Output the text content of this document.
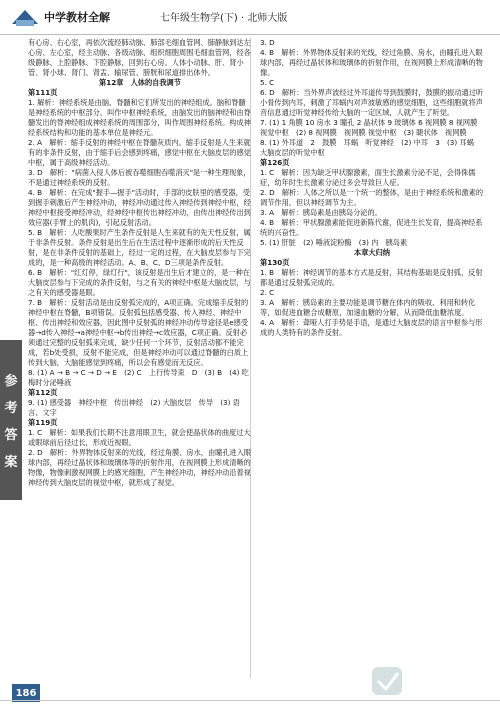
中学教材全解	七年级生物学(下) · 北师大版

有心房、右心室，再依次流经肺动脉、肺部毛细血管网、肺静脉到达左心房、左心室，经主动脉、各级动脉、组织细胞周围毛细血管网，经各级静脉、上腔静脉、下腔静脉，回到右心房。人体小动脉、肝、肾小管、肾小球、肾门、肾盂、输尿管、膀胱和尿道排出体外。

第12章　人体的自我调节

第111页

1. 解析：神经系统是由脑、脊髓和它们所发出的神经组成。脑和脊髓是神经系统的中枢部分，叫作中枢神经系统，由脑发出的脑神经和由脊髓发出的脊神经组成神经系统的周围部分，叫作周围神经系统。构成神经系统结构和功能的基本单位是神经元。

2. A　解析：缩手反射的神经中枢在脊髓灰质内。缩手反射是人生来就有的非条件反射，由于缩手后会感到疼痛，感觉中枢在大脑皮层的感觉中枢，属于高级神经活动。

3. D　解析："病菌入侵人体后被吞噬细胞吞噬消灭"是一种生理现象，不是通过神经系统的反射。

4. B　解析：在完成"握手—握手"活动时，手部的皮肤里的感受器，受到握手刺激后产生神经冲动，神经冲动通过传入神经传到神经中枢，经神经中枢接受神经冲动，经神经中枢传出神经冲动，由传出神经传出到效应器(手臂上的肌肉)，引起反射活动。

5. B　解析：人吃酸果时产生条件反射是人生来就有的先天性反射，属于非条件反射。条件反射是出生后在生活过程中逐渐形成的后天性反射，是在非条件反射的基础上，经过一定的过程，在大脑皮层参与下完成的，是一种高级的神经活动。A、B、C、D三项是条件反射。

6. B　解析："红灯停，绿灯行"，该反射是出生后才建立的，是一种在大脑皮层参与下完成的条件反射，与之有关的神经中枢是大脑皮层，与之有关的感受器是眼。

7. B　解析：反射活动是由反射弧完成的，A项正确。完成缩手反射的神经中枢在脊髓，B项错误。反射弧包括感受器、传入神经、神经中枢、传出神经和效应器，因此图中反射弧的神经冲动传导途径是e感受器→d传入神经→a神经中枢→b传出神经→c效应器，C项正确。反射必须通过完整的反射弧来完成，缺少任何一个环节，反射活动都不能完成，若b处受损，反射不能完成，但是神经冲动可以通过脊髓的白质上传到大脑，大脑能感觉到疼痛，所以会有感觉而无反应。

8. (1) A → B → C → D → E　(2) C　上行传导束　D　(3) B　(4) 吃梅时分泌唾液

第112页

9. (1) 感受器　神经中枢　传出神经　(2) 大脑皮层　传导　(3) 语言、文字

第119页

1. C　解析：如果我们长期不注意用眼卫生，就会使晶状体的曲度过大或眼球前后径过长，形成近视眼。

2. D　解析：外界物体反射来的光线，经过角膜、房水，由瞳孔进入眼球内部，再经过晶状体和玻璃体等的折射作用，在视网膜上形成清晰的物像，物像刺激视网膜上的感光细胞，产生神经冲动，神经冲动沿着视神经传到大脑皮层的视觉中枢，就形成了视觉。

3. D

4. B　解析：外界物体反射来的光线，经过角膜、房水，由瞳孔进入眼球内部，再经过晶状体和玻璃体的折射作用，在视网膜上形成清晰的物像。

5. C

6. D　解析：当外界声波经过外耳道传导到鼓膜时，鼓膜的振动通过听小骨传到内耳，刺激了耳蜗内对声波敏感的感觉细胞，这些细胞就将声音信息通过听觉神经传给大脑的一定区域，人就产生了听觉。

7. (1) 1 角膜 10 房水 3 瞳孔 2 晶状体 9 玻璃体 6 视网膜 8 视网膜 视觉中枢　(2) 8 视网膜　视网膜 视觉中枢　(3) 睫状体　视网膜

8. (1) 外耳道　2　鼓膜　耳蜗　听觉神经　(2) 中耳　3　(3) 耳蜗　大脑皮层的听觉中枢

第126页

1. C　解析：因为缺乏甲状腺激素，面生长激素分泌不足，会得侏儒症，幼年时生长激素分泌过多会导致巨人症。

2. D　解析：人体之所以是一个统一的整体，是由于神经系统和激素的调节作用，但以神经调节为主。

3. A　解析：胰岛素是由胰岛分泌的。

4. B　解析：甲状腺激素能促进新陈代谢，促进生长发育，提高神经系统的兴奋性。

5. (1) 肝脏　(2) 唾液淀粉酶　(3) 内　胰岛素

本章大归纳

第130页

1. B　解析：神经调节的基本方式是反射，其结构基础是反射弧，反射都是通过反射弧完成的。

2. C

3. A　解析：胰岛素的主要功能是调节糖在体内的吸收、利用和转化等，如促进血糖合成糖原，加速血糖的分解，从而降低血糖浓度。

4. A　解析：聋哑人打手势是手语，是通过大脑皮层的语言中枢参与形成的人类特有的条件反射。

参
考
答
案
186
